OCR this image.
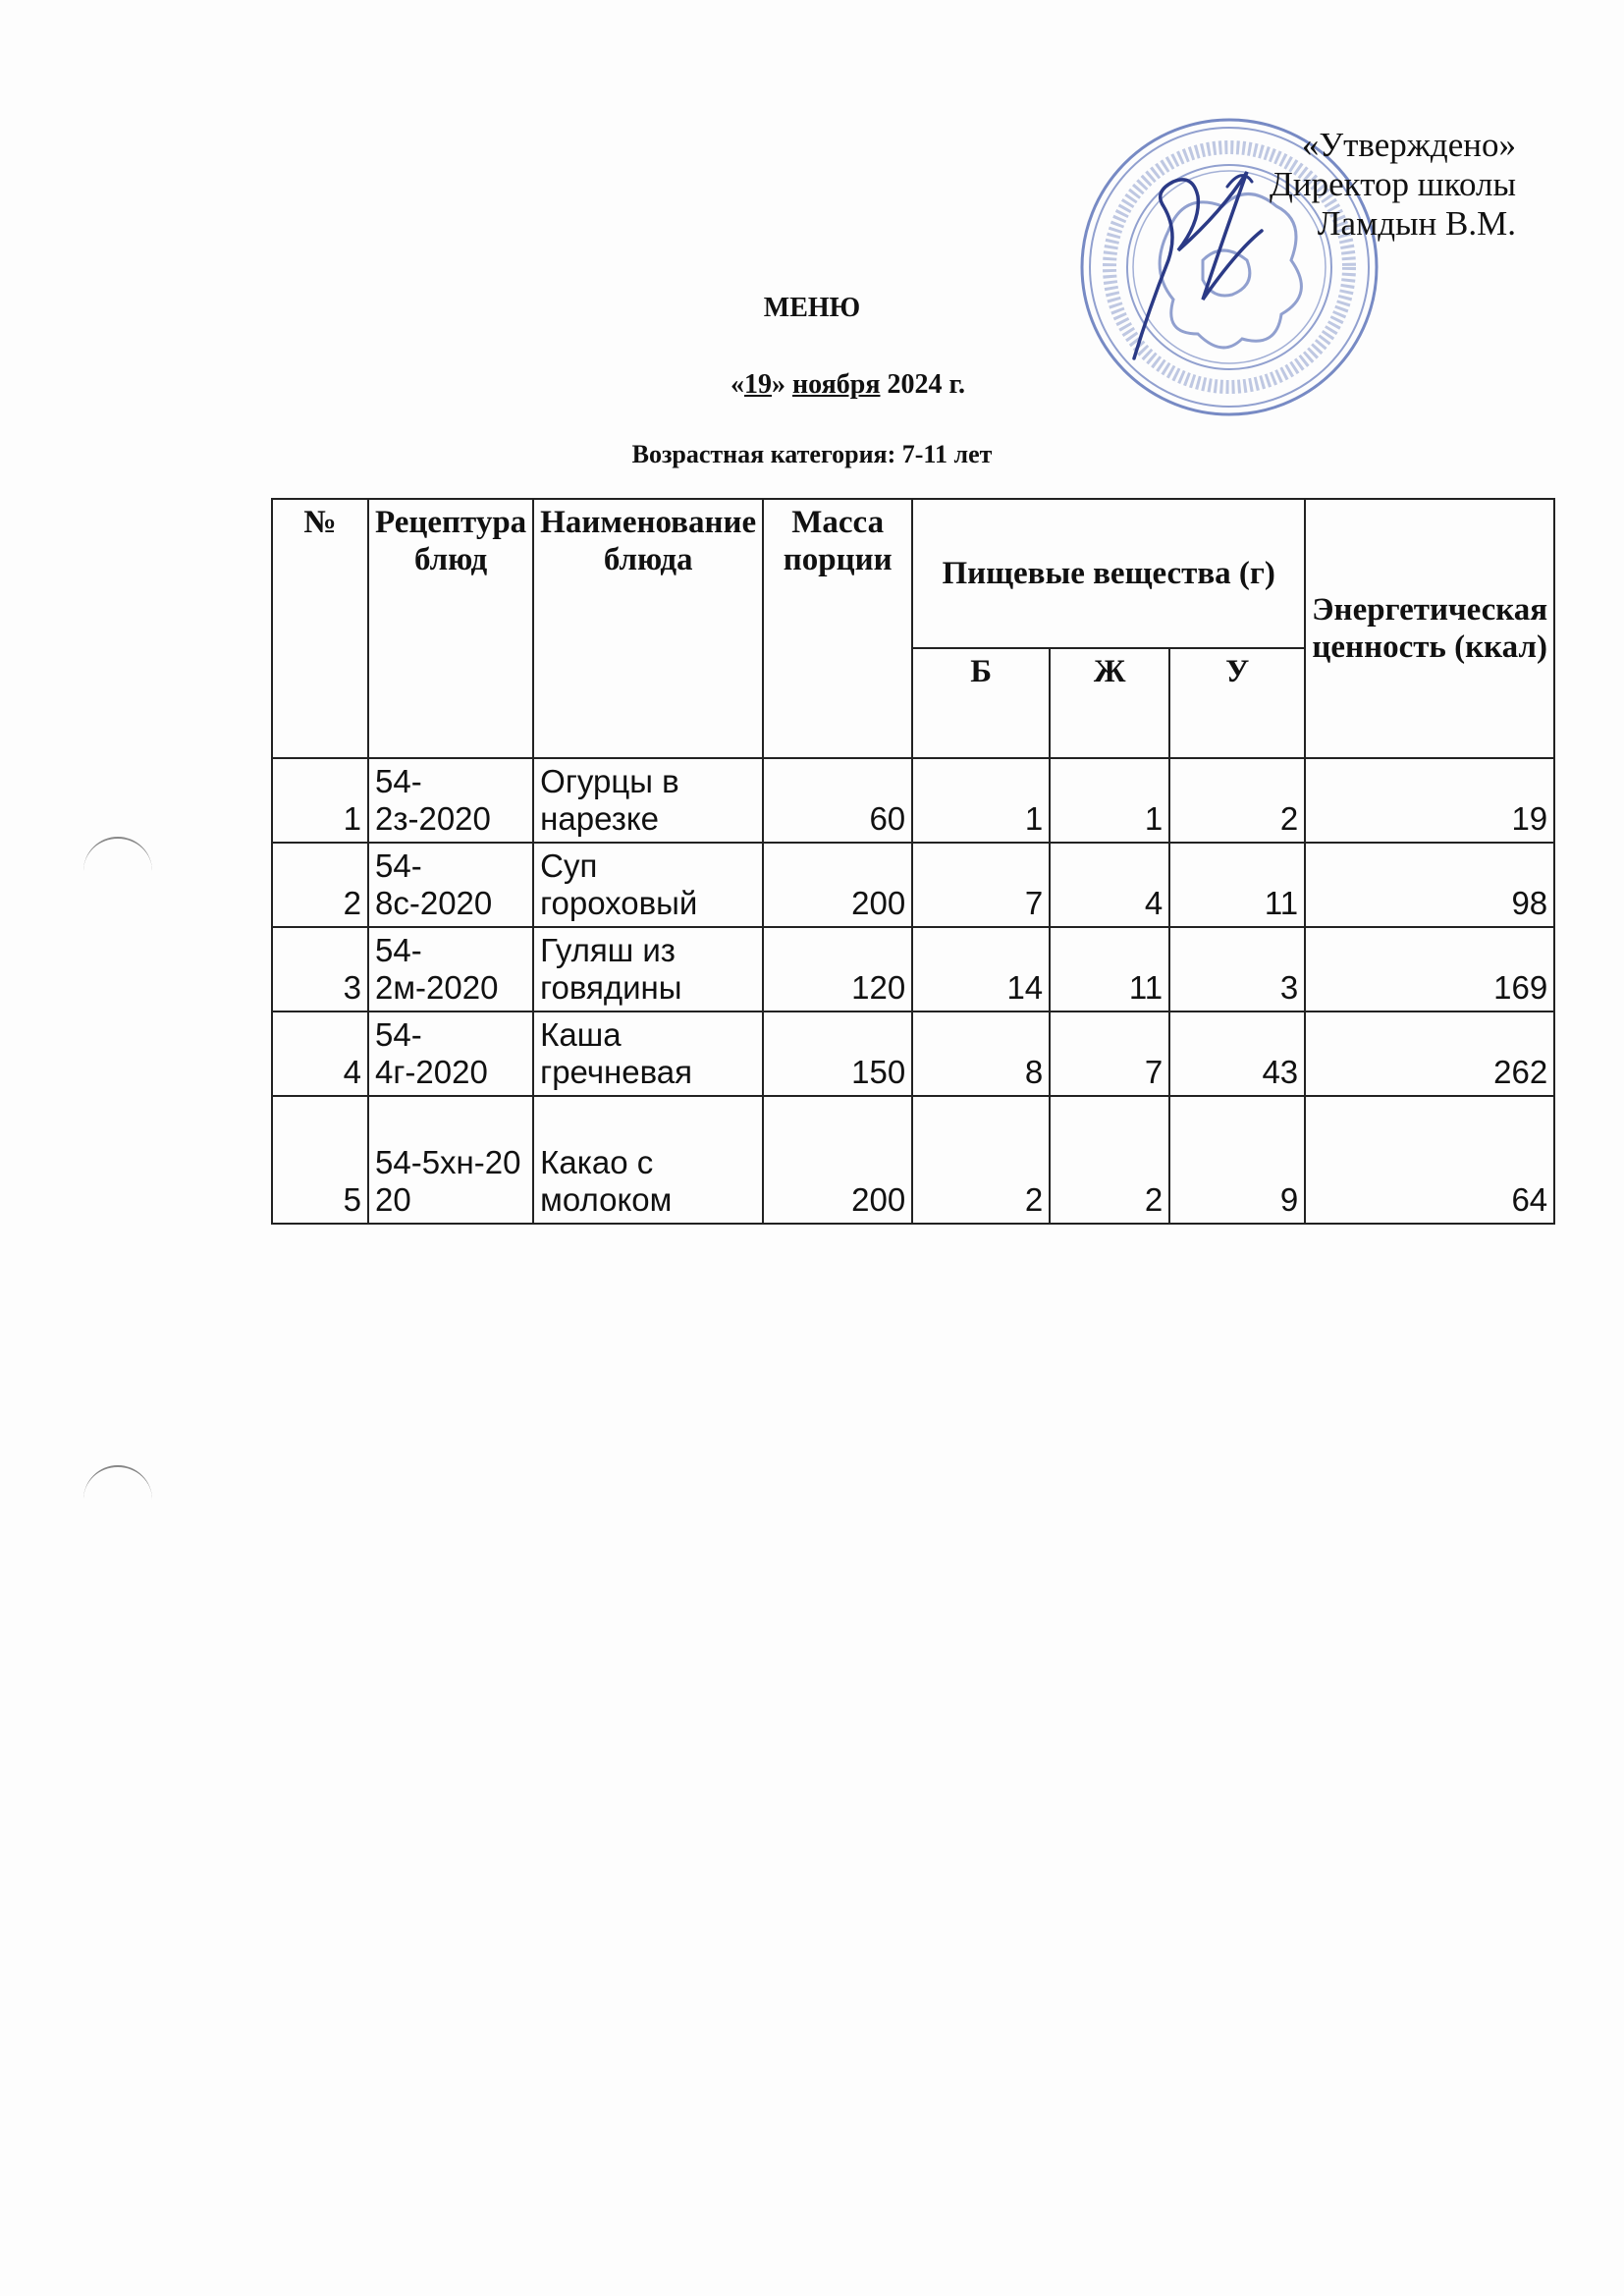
«Утверждено»
Директор школы
Ламдын В.М.
МЕНЮ
«19» ноября 2024 г.
Возрастная категория: 7-11 лет
№	Рецептура блюд	Наименование блюда	Масса порции	Пищевые вещества (г)			Энергетическая ценность (ккал)
				Б	Ж	У	
1	54-2з-2020	Огурцы в нарезке	60	1	1	2	19
2	54-8с-2020	Суп гороховый	200	7	4	11	98
3	54-2м-2020	Гуляш из говядины	120	14	11	3	169
4	54-4г-2020	Каша гречневая	150	8	7	43	262
5	54-5хн-2020	Какао с молоком	200	2	2	9	64
